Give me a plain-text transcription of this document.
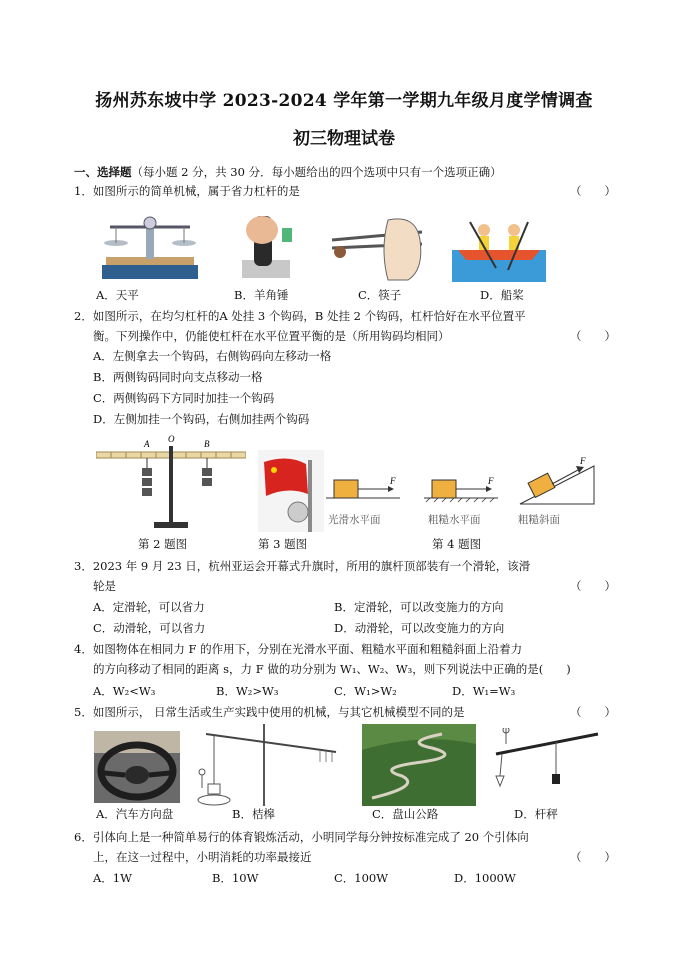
扬州苏东坡中学 2023-2024 学年第一学期九年级月度学情调查
初三物理试卷
一、选择题（每小题 2 分，共 30 分．每小题给出的四个选项中只有一个选项正确）
1．如图所示的简单机械，属于省力杠杆的是	（　　）
A．天平	B．羊角锤	C．筷子	D．船桨
2．如图所示，在均匀杠杆的A 处挂 3 个钩码，B 处挂 2 个钩码，杠杆恰好在水平位置平
衡。下列操作中，仍能使杠杆在水平位置平衡的是（所用钩码均相同）	（　　）
A．左侧拿去一个钩码，右侧钩码向左移动一格
B．两侧钩码同时向支点移动一格
C．两侧钩码下方同时加挂一个钩码
D．左侧加挂一个钩码，右侧加挂两个钩码
A O	B
F
光滑水平面
F
粗糙水平面
F
粗糙斜面
第 2 题图	第 3 题图	第 4 题图
3．2023 年 9 月 23 日，杭州亚运会开幕式升旗时，所用的旗杆顶部装有一个滑轮，该滑
轮是	（　　）
A．定滑轮，可以省力	B．定滑轮，可以改变施力的方向
C．动滑轮，可以省力	D．动滑轮，可以改变施力的方向
4．如图物体在相同力 F 的作用下，分别在光滑水平面、粗糙水平面和粗糙斜面上沿着力
的方向移动了相同的距离 s，力 F 做的功分别为 W₁、W₂、W₃，则下列说法中正确的是(　　)
A．W₂<W₃	B．W₂>W₃	C．W₁>W₂	D．W₁=W₃
5．如图所示， 日常生活或生产实践中使用的机械，与其它机械模型不同的是	（　　）
A．汽车方向盘	B．桔槔	C．盘山公路	D．杆秤
6．引体向上是一种简单易行的体育锻炼活动，小明同学每分钟按标准完成了 20 个引体向
上，在这一过程中，小明消耗的功率最接近	（　　）
A．1W	B．10W	C．100W	D．1000W
